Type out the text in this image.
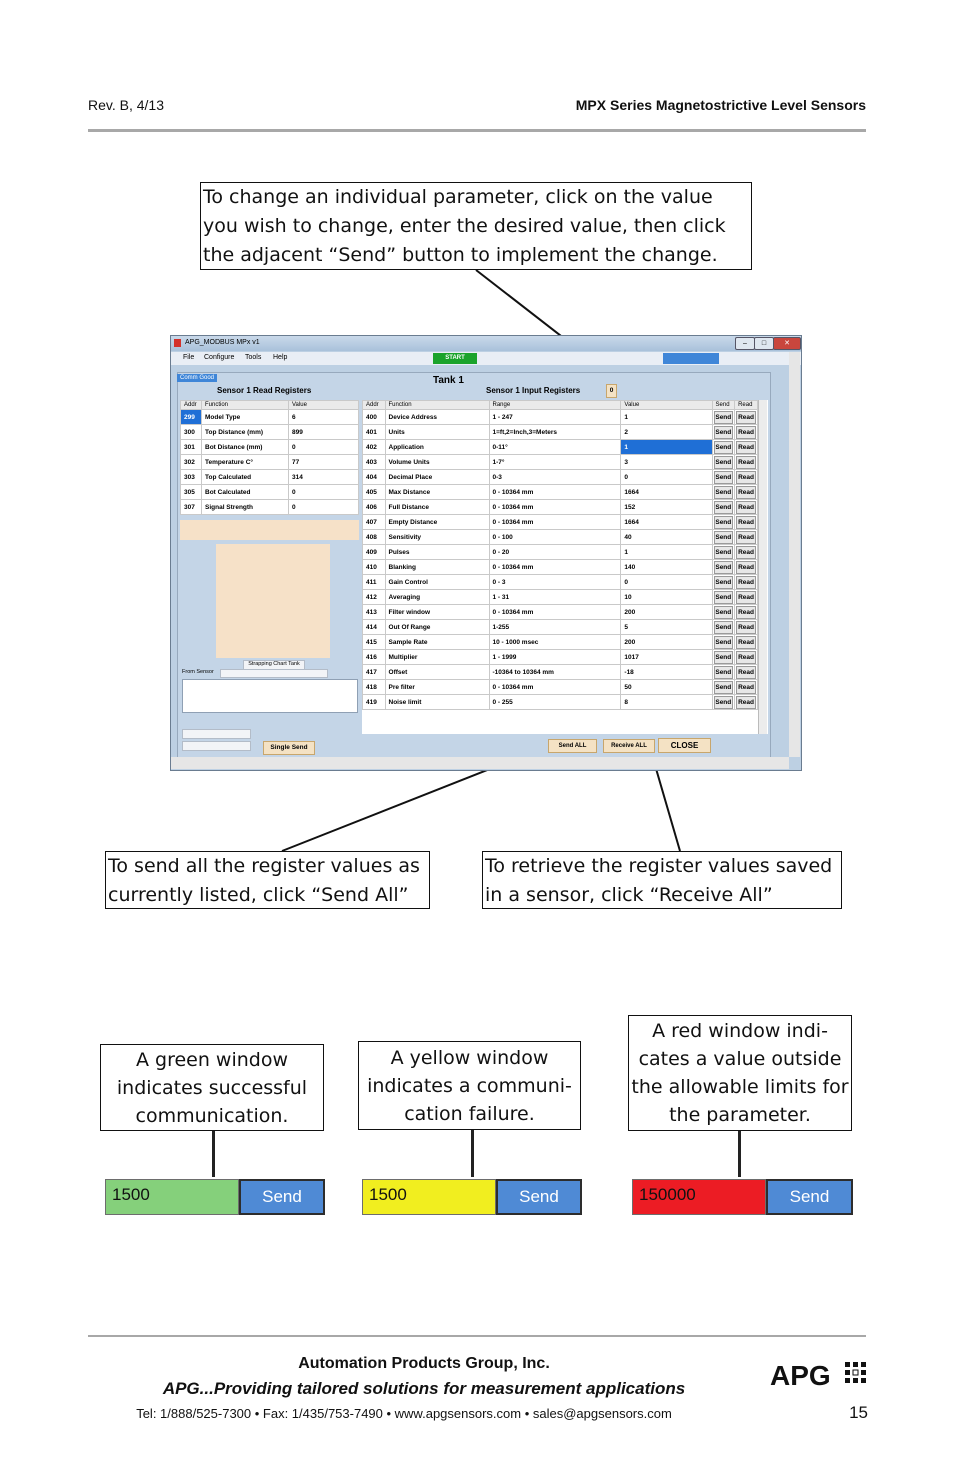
Rev. B, 4/13	MPX Series Magnetostrictive Level Sensors
To change an individual parameter, click on the value you wish to change, enter the desired value, then click the adjacent “Send” button to implement the change.
To send all the register values as currently listed, click “Send All”
To retrieve the register values saved in a sensor, click “Receive All”
APG_MODBUS MPx v1	–	□	✕
File Configure Tools Help	START
Comm Good	Tank 1
Sensor 1 Read Registers	Sensor 1 Input Registers	0
Addr	Function	Value
299	Model Type	6
300	Top Distance (mm)	899
301	Bot Distance (mm)	0
302	Temperature C°	77
303	Top Calculated	314
305	Bot Calculated	0
307	Signal Strength	0
Strapping Chart Tank
From Sensor
Single Send
Addr	Function	Range	Value	Send	Read
400	Device Address	1 - 247	1	Send	Read

401	Units	1=ft,2=Inch,3=Meters	2	Send	Read

402	Application	0-11°	1	Send	Read

403	Volume Units	1-7°	3	Send	Read

404	Decimal Place	0-3	0	Send	Read

405	Max Distance	0 - 10364 mm	1664	Send	Read

406	Full Distance	0 - 10364 mm	152	Send	Read

407	Empty Distance	0 - 10364 mm	1664	Send	Read

408	Sensitivity	0 - 100	40	Send	Read

409	Pulses	0 - 20	1	Send	Read

410	Blanking	0 - 10364 mm	140	Send	Read

411	Gain Control	0 - 3	0	Send	Read

412	Averaging	1 - 31	10	Send	Read

413	Filter window	0 - 10364 mm	200	Send	Read

414	Out Of Range	1-255	5	Send	Read

415	Sample Rate	10 - 1000 msec	200	Send	Read

416	Multiplier	1 - 1999	1017	Send	Read

417	Offset	-10364 to 10364 mm	-18	Send	Read

418	Pre filter	0 - 10364 mm	50	Send	Read

419	Noise limit	0 - 255	8	Send	Read
Send ALL	Receive ALL	CLOSE
A green window indicates successful communication.
A yellow window indicates a communi-cation failure.
A red window indi-cates a value outside the allowable limits for the parameter.
1500	Send	1500	Send	150000	Send
Automation Products Group, Inc.
APG...Providing tailored solutions for measurement applications
Tel: 1/888/525-7300 • Fax: 1/435/753-7490 • www.apgsensors.com • sales@apgsensors.com
APG
15
